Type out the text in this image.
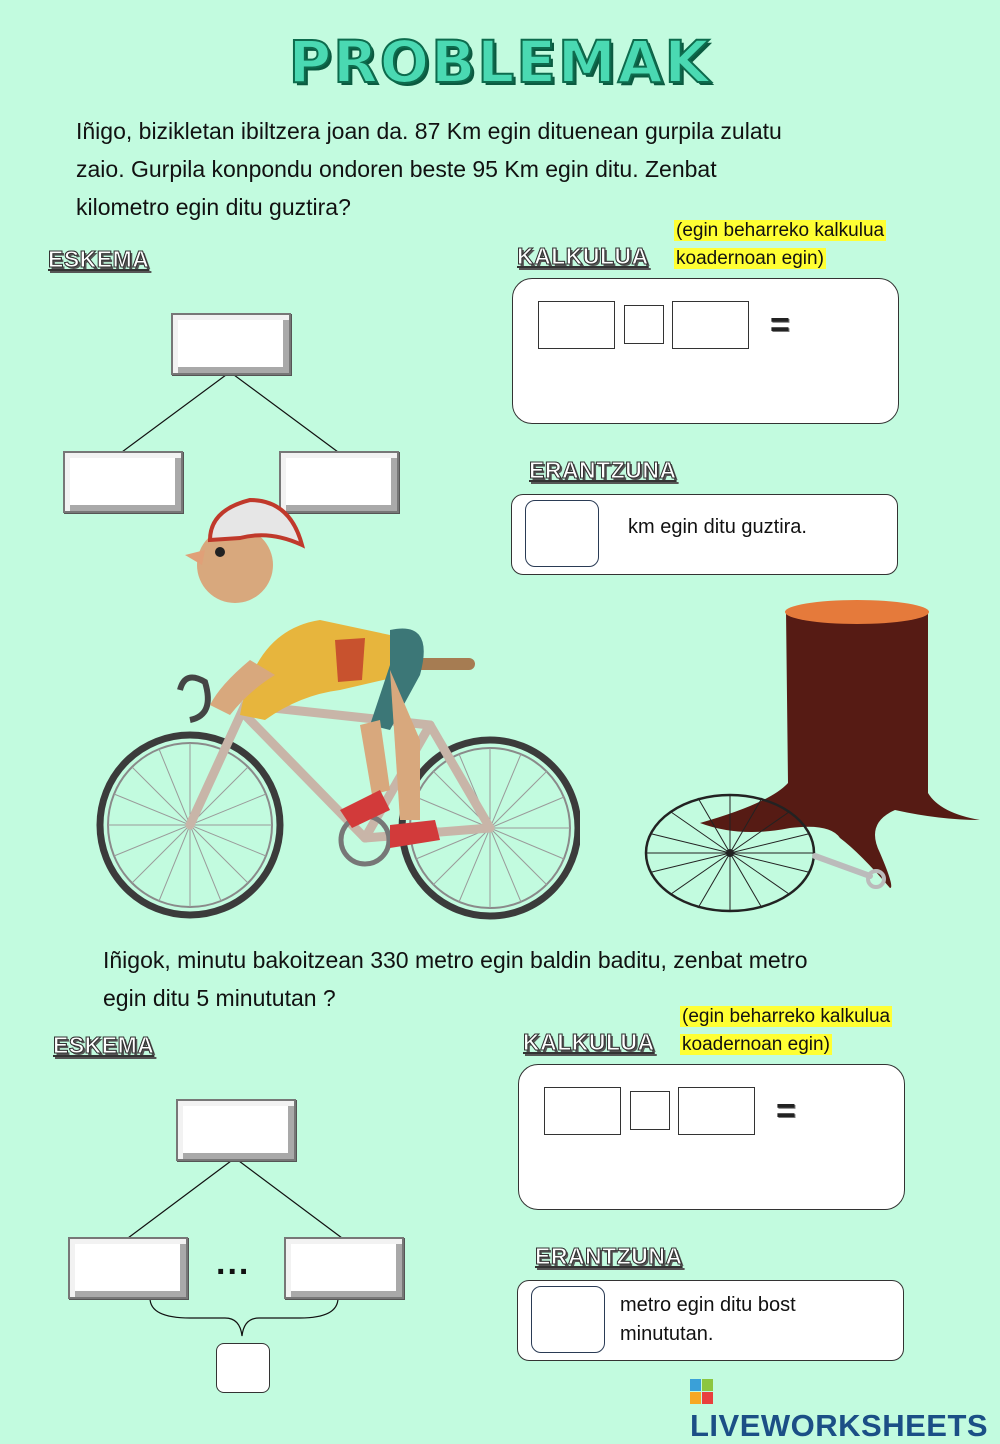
PROBLEMAK
Iñigo, bizikletan ibiltzera joan da. 87 Km egin dituenean gurpila zulatu
zaio. Gurpila konpondu ondoren beste 95 Km egin ditu. Zenbat
kilometro egin ditu guztira?
ESKEMA	KALKULUA
(egin beharreko kalkulua
koadernoan egin)
=
ERANTZUNA
km egin ditu guztira.
Iñigok, minutu bakoitzean 330 metro egin baldin baditu, zenbat metro
egin ditu 5 minututan ?
ESKEMA
...
KALKULUA
(egin beharreko kalkulua
koadernoan egin)
=
ERANTZUNA
metro egin ditu bost
minututan.
LIVEWORKSHEETS
